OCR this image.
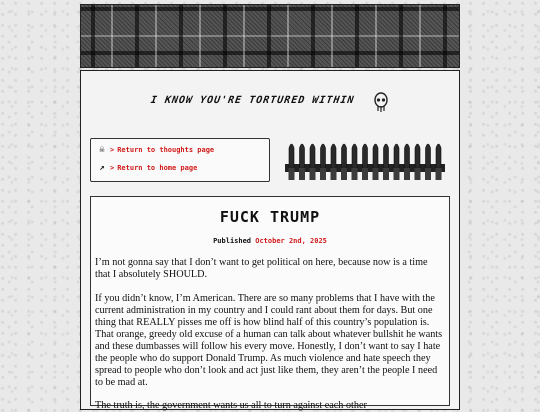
I KNOW YOU'RE TORTURED WITHIN
☠ > Return to thoughts page
↗ > Return to home page
FUCK TRUMP
Published October 2nd, 2025
I’m not gonna say that I don’t want to get political on here, because now is a time that I absolutely SHOULD.
If you didn’t know, I’m American. There are so many problems that I have with the current administration in my country and I could rant about them for days. But one thing that REALLY pisses me off is how blind half of this country’s population is. That orange, greedy old excuse of a human can talk about whatever bullshit he wants and these dumbasses will follow his every move. Honestly, I don’t want to say I hate the people who do support Donald Trump. As much violence and hate speech they spread to people who don’t look and act just like them, they aren’t the people I need to be mad at.
The truth is, the government wants us all to turn against each other
